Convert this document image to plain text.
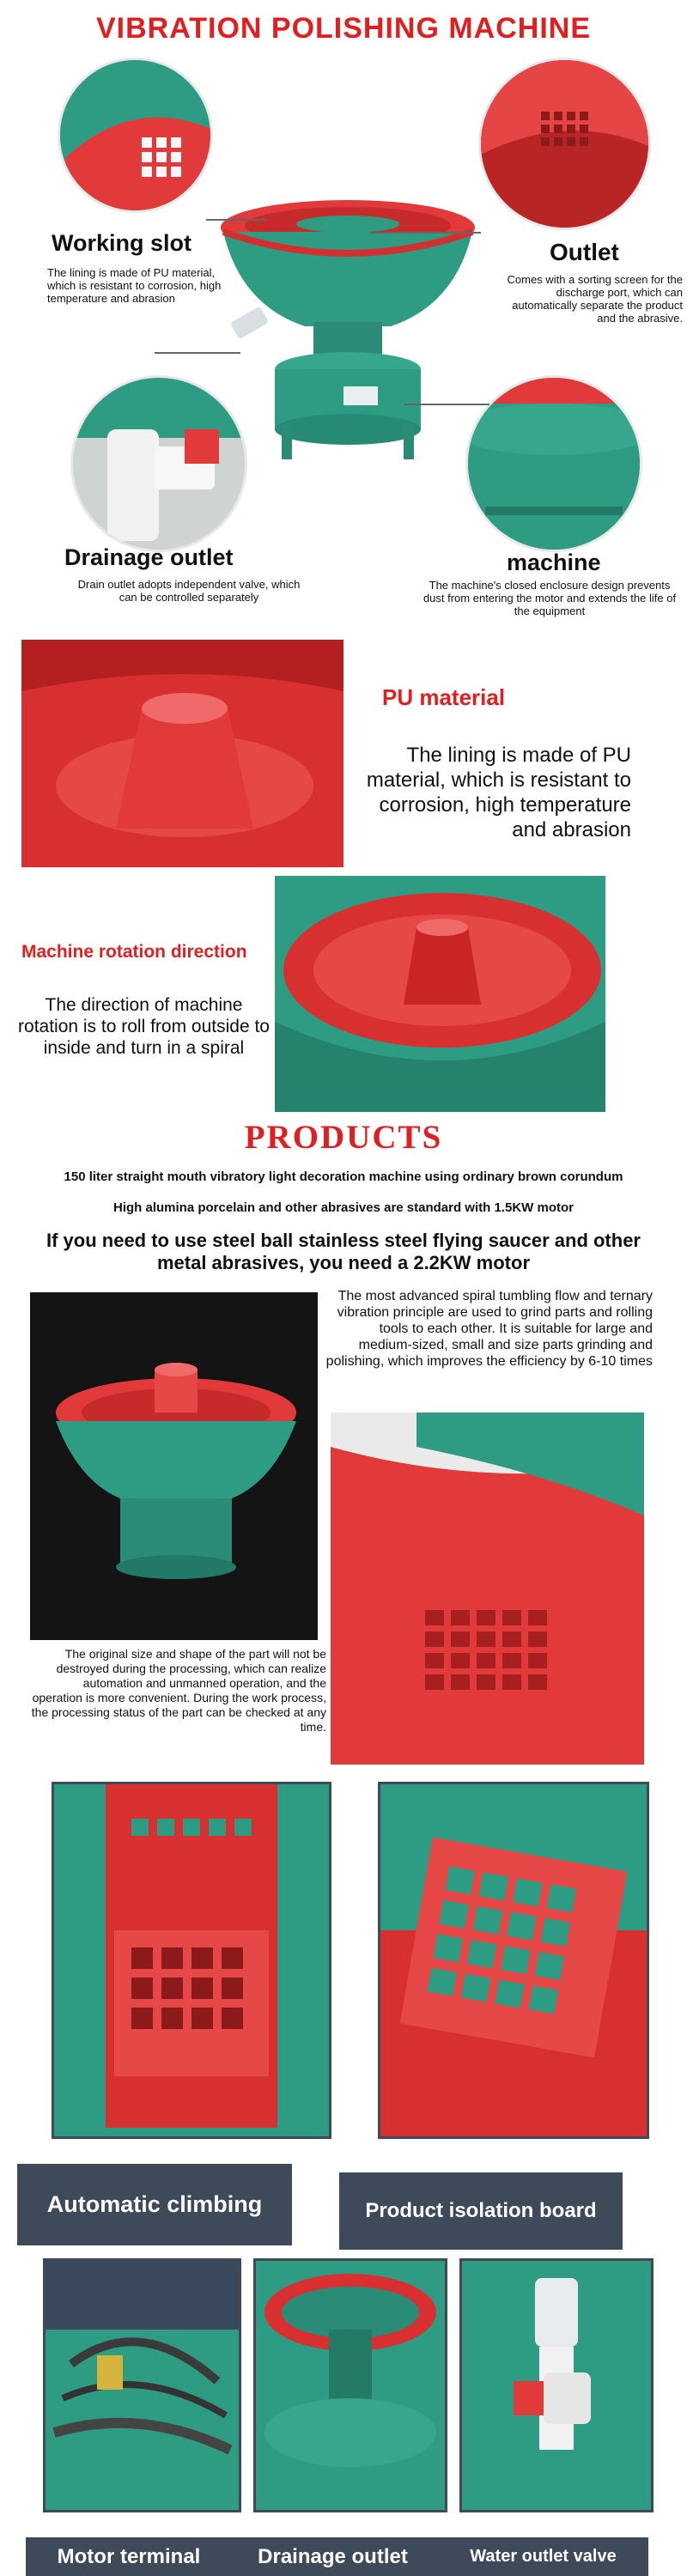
VIBRATION POLISHING MACHINE
Working slot
The lining is made of PU material, which is resistant to corrosion, high temperature and abrasion
Outlet
Comes with a sorting screen for the discharge port, which can automatically separate the product and the abrasive.
Drainage outlet
Drain outlet adopts independent valve, which can be controlled separately
machine
The machine's closed enclosure design prevents dust from entering the motor and extends the life of the equipment
PU material
The lining is made of PU material, which is resistant to corrosion, high temperature and abrasion
Machine rotation direction
The direction of machine rotation is to roll from outside to inside and turn in a spiral
PRODUCTS
150 liter straight mouth vibratory light decoration machine using ordinary brown corundum
High alumina porcelain and other abrasives are standard with 1.5KW motor
If you need to use steel ball stainless steel flying saucer and other metal abrasives, you need a 2.2KW motor
The most advanced spiral tumbling flow and ternary vibration principle are used to grind parts and rolling tools to each other. It is suitable for large and medium-sized, small and size parts grinding and polishing, which improves the efficiency by 6-10 times
The original size and shape of the part will not be destroyed during the processing, which can realize automation and unmanned operation, and the operation is more convenient. During the work process, the processing status of the part can be checked at any time.
Automatic climbing	Product isolation board
Motor terminal	Drainage outlet	Water outlet valve
